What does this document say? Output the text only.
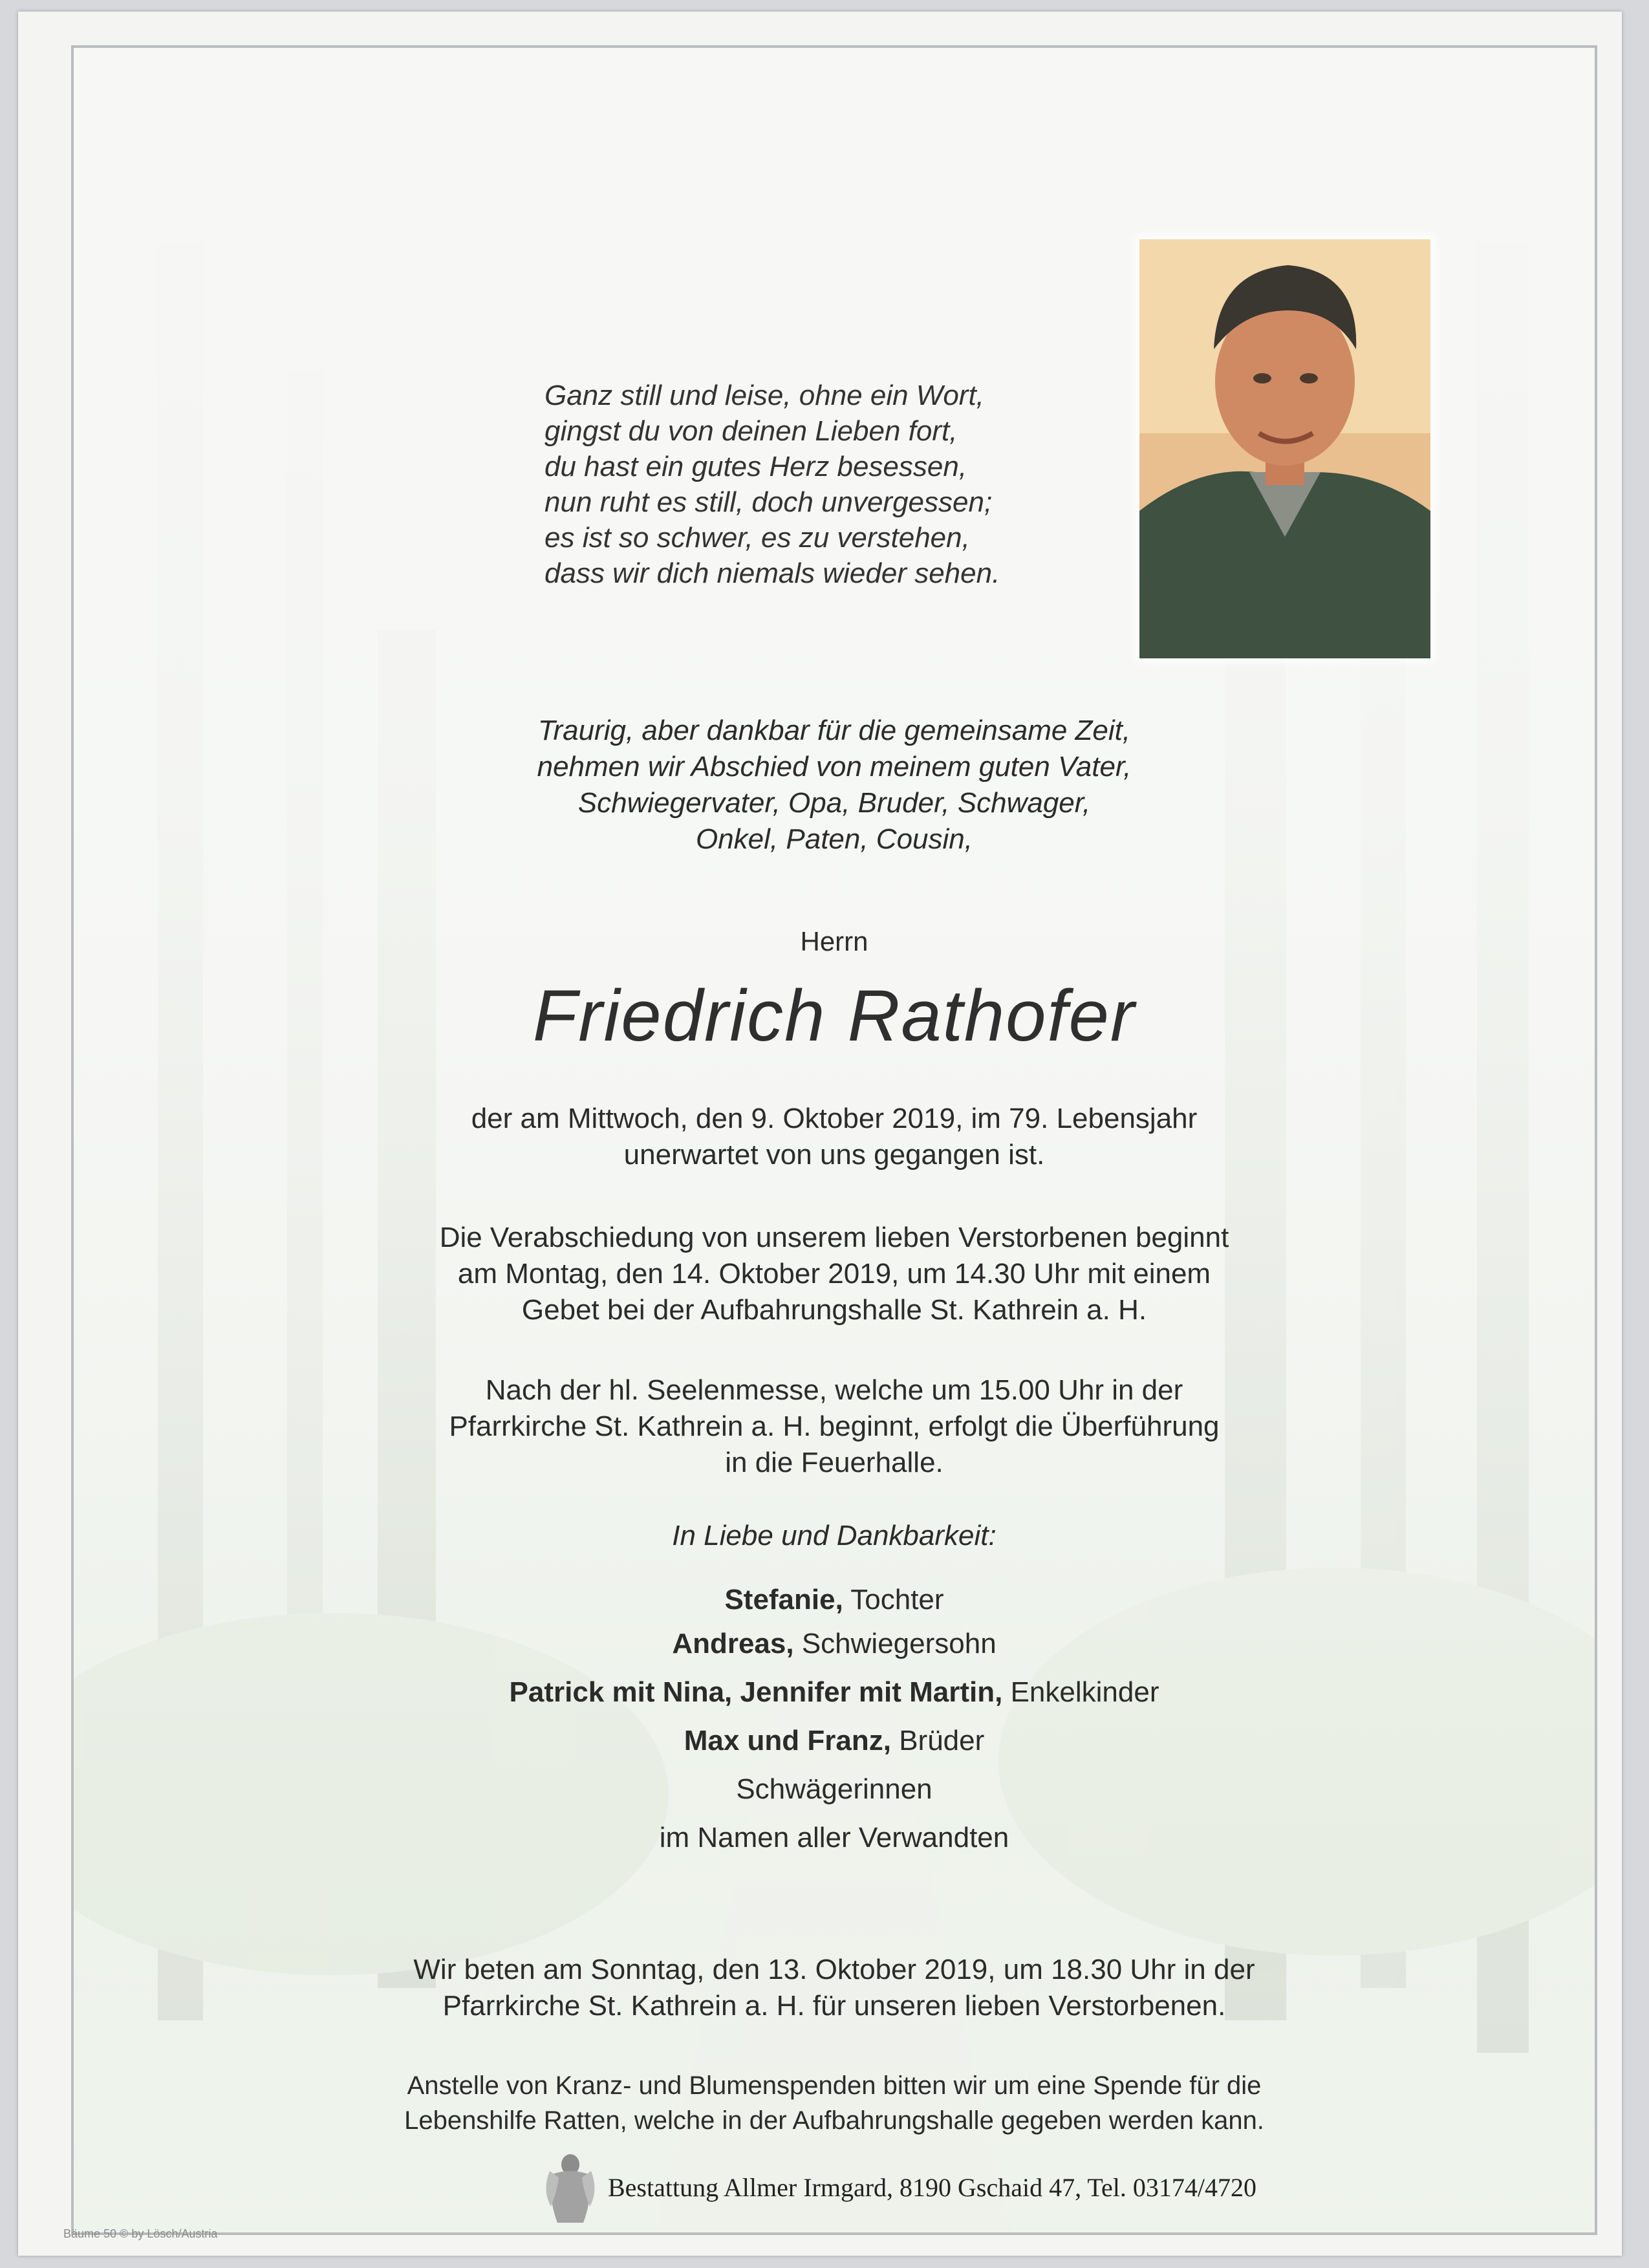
Ganz still und leise, ohne ein Wort,
gingst du von deinen Lieben fort,
du hast ein gutes Herz besessen,
nun ruht es still, doch unvergessen;
es ist so schwer, es zu verstehen,
dass wir dich niemals wieder sehen.
Traurig, aber dankbar für die gemeinsame Zeit,
nehmen wir Abschied von meinem guten Vater,
Schwiegervater, Opa, Bruder, Schwager,
Onkel, Paten, Cousin,
Herrn
Friedrich Rathofer
der am Mittwoch, den 9. Oktober 2019, im 79. Lebensjahr
unerwartet von uns gegangen ist.
Die Verabschiedung von unserem lieben Verstorbenen beginnt
am Montag, den 14. Oktober 2019, um 14.30 Uhr mit einem
Gebet bei der Aufbahrungshalle St. Kathrein a. H.
Nach der hl. Seelenmesse, welche um 15.00 Uhr in der
Pfarrkirche St. Kathrein a. H. beginnt, erfolgt die Überführung
in die Feuerhalle.
In Liebe und Dankbarkeit:
Stefanie, Tochter
Andreas, Schwiegersohn
Patrick mit Nina, Jennifer mit Martin, Enkelkinder
Max und Franz, Brüder
Schwägerinnen
im Namen aller Verwandten
Wir beten am Sonntag, den 13. Oktober 2019, um 18.30 Uhr in der
Pfarrkirche St. Kathrein a. H. für unseren lieben Verstorbenen.
Anstelle von Kranz- und Blumenspenden bitten wir um eine Spende für die
Lebenshilfe Ratten, welche in der Aufbahrungshalle gegeben werden kann.
Bestattung Allmer Irmgard, 8190 Gschaid 47, Tel. 03174/4720
Bäume 50 © by Lösch/Austria
